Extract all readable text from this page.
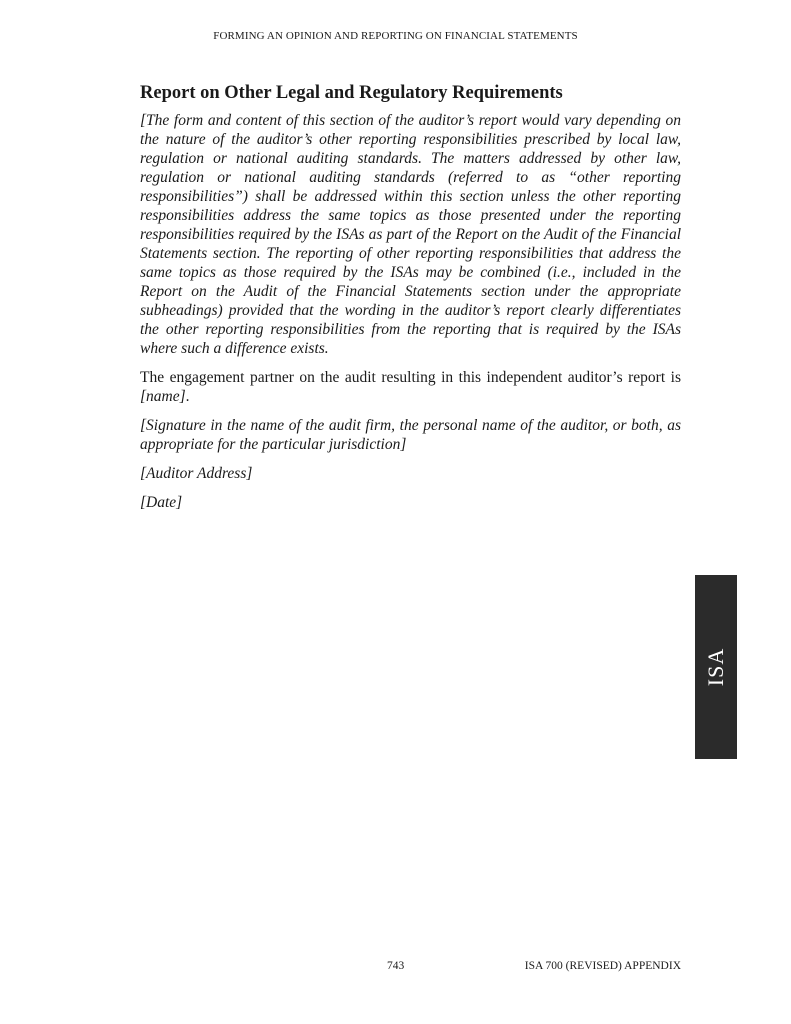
FORMING AN OPINION AND REPORTING ON FINANCIAL STATEMENTS
Report on Other Legal and Regulatory Requirements

[The form and content of this section of the auditor’s report would vary depending on the nature of the auditor’s other reporting responsibilities prescribed by local law, regulation or national auditing standards. The matters addressed by other law, regulation or national auditing standards (referred to as “other reporting responsibilities”) shall be addressed within this section unless the other reporting responsibilities address the same topics as those presented under the reporting responsibilities required by the ISAs as part of the Report on the Audit of the Financial Statements section. The reporting of other reporting responsibilities that address the same topics as those required by the ISAs may be combined (i.e., included in the Report on the Audit of the Financial Statements section under the appropriate subheadings) provided that the wording in the auditor’s report clearly differentiates the other reporting responsibilities from the reporting that is required by the ISAs where such a difference exists.

The engagement partner on the audit resulting in this independent auditor’s report is [name].

[Signature in the name of the audit firm, the personal name of the auditor, or both, as appropriate for the particular jurisdiction]

[Auditor Address]

[Date]

ISA
743	ISA 700 (REVISED) APPENDIX
